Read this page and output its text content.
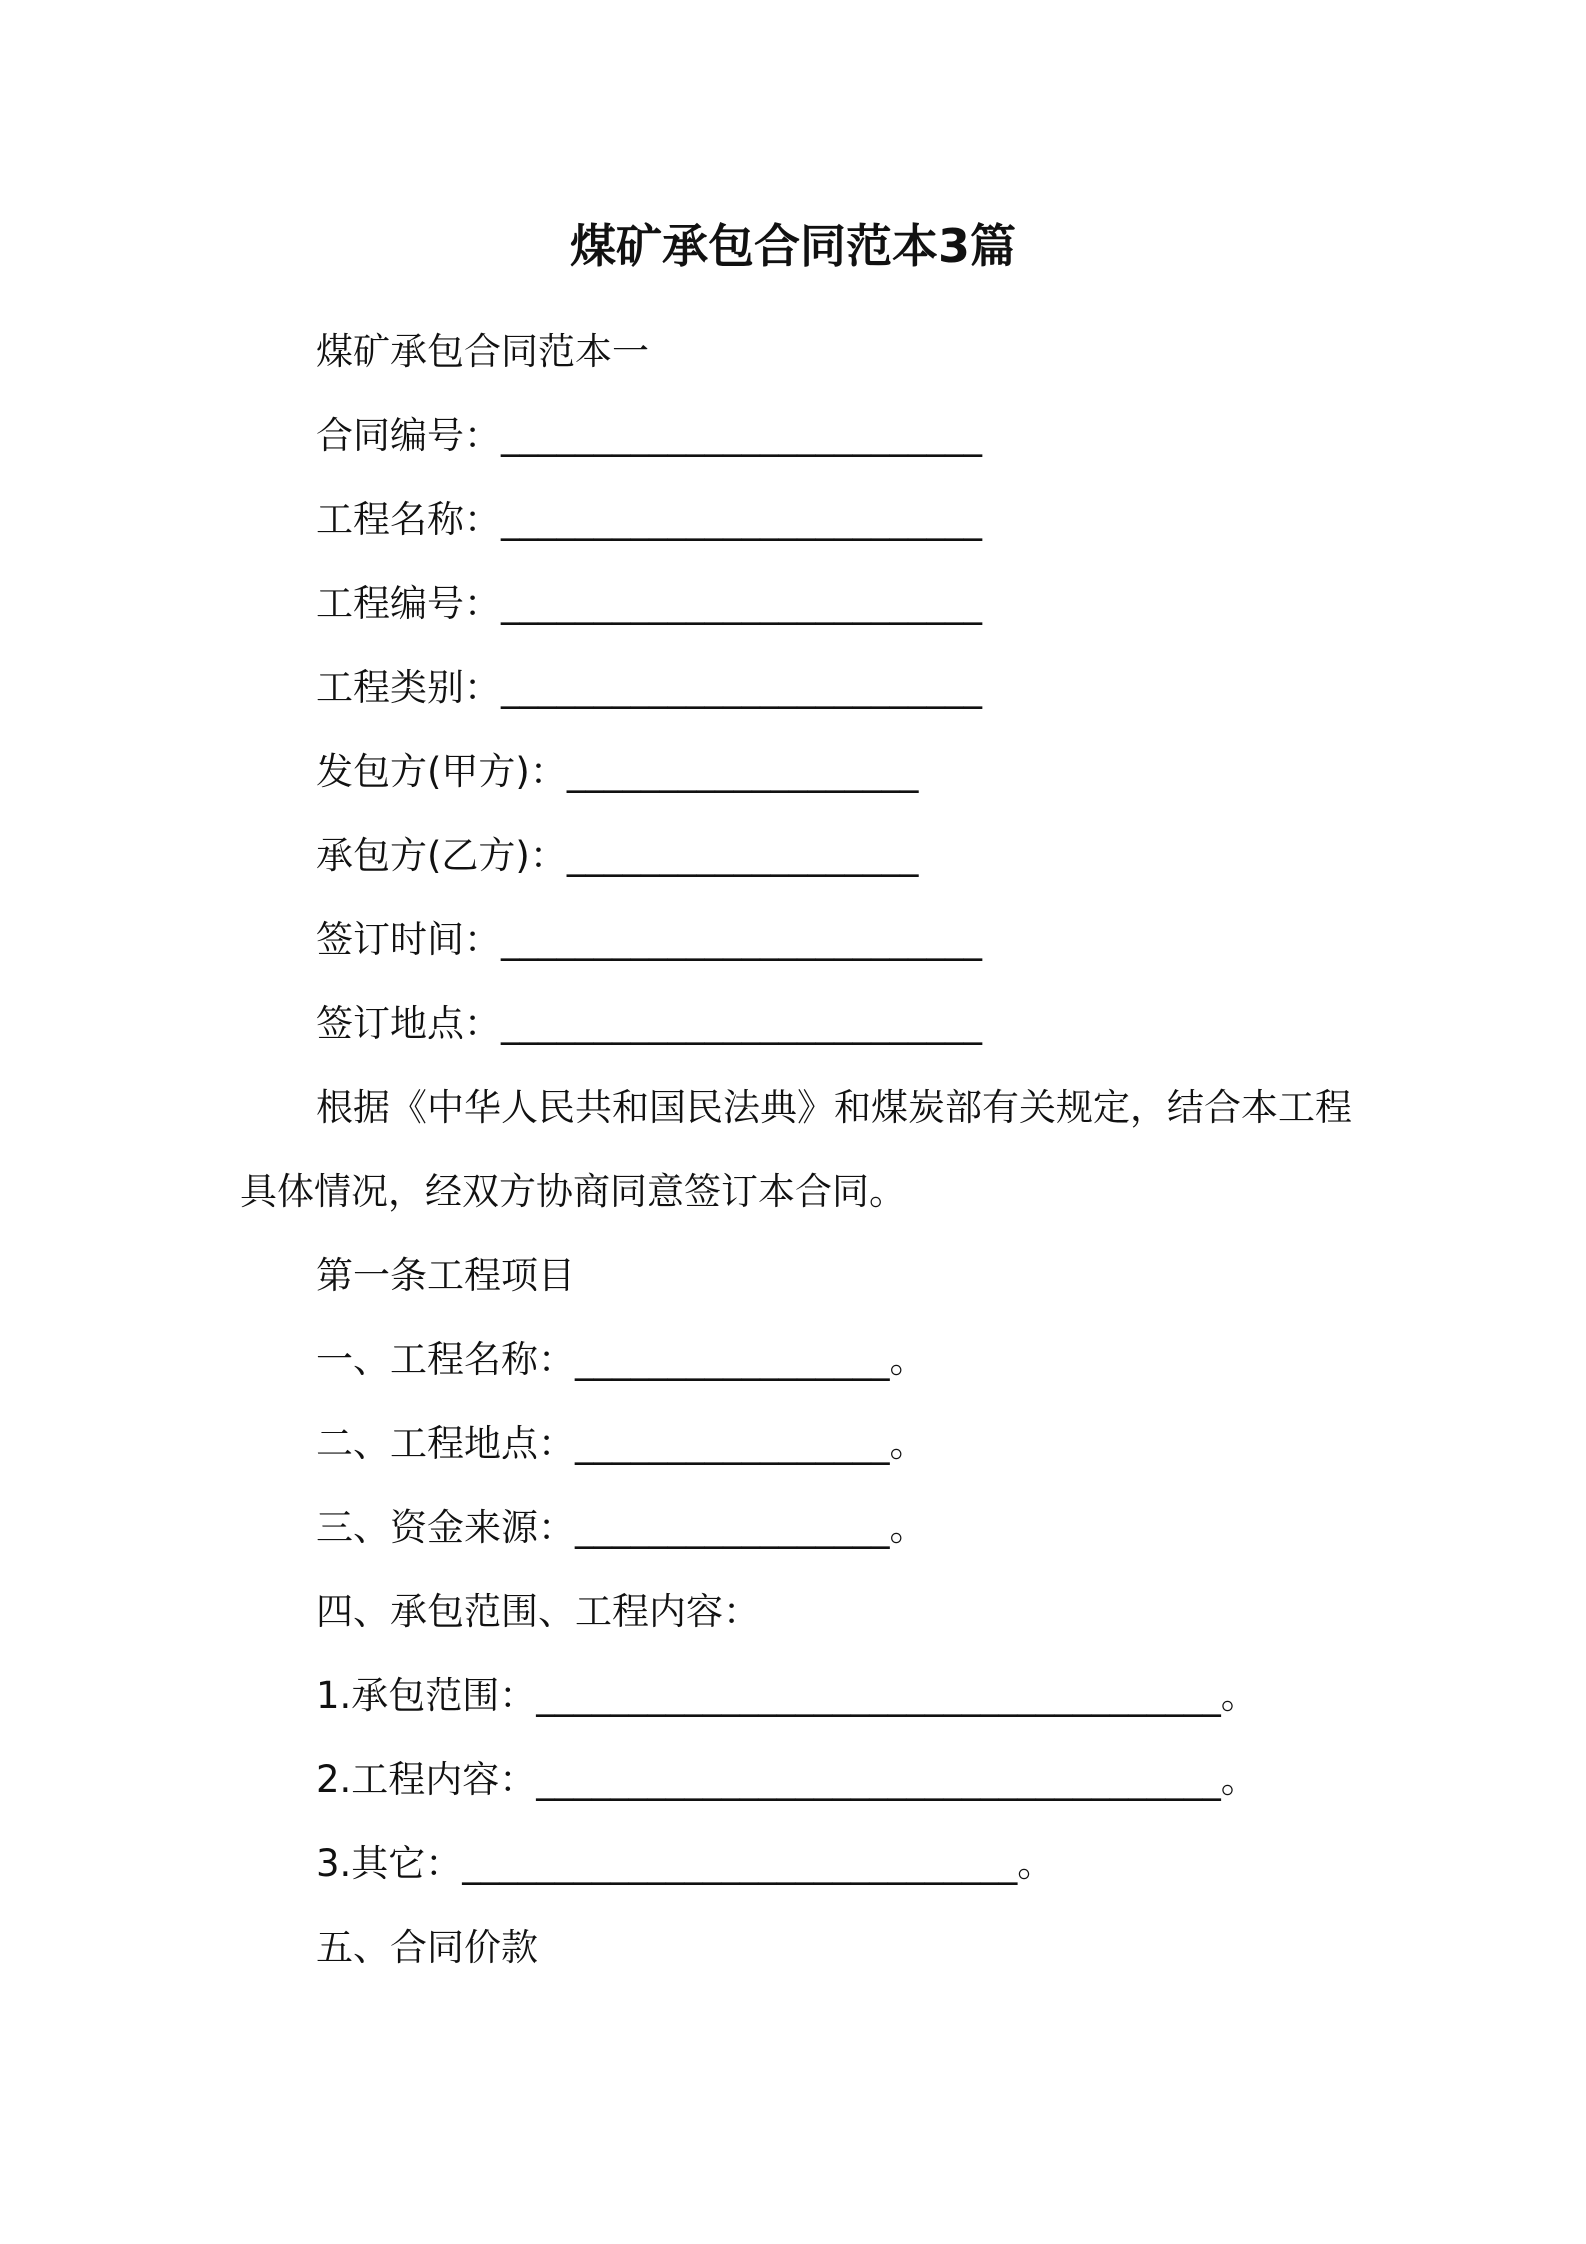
煤矿承包合同范本3篇
煤矿承包合同范本一
合同编号：__________________________
工程名称：__________________________
工程编号：__________________________
工程类别：__________________________
发包方(甲方)：___________________
承包方(乙方)：___________________
签订时间：__________________________
签订地点：__________________________
根据《中华人民共和国民法典》和煤炭部有关规定，结合本工程
具体情况，经双方协商同意签订本合同。
第一条工程项目
一、工程名称：_________________。
二、工程地点：_________________。
三、资金来源：_________________。
四、承包范围、工程内容：
1.承包范围：_____________________________________。
2.工程内容：_____________________________________。
3.其它：______________________________。
五、合同价款
